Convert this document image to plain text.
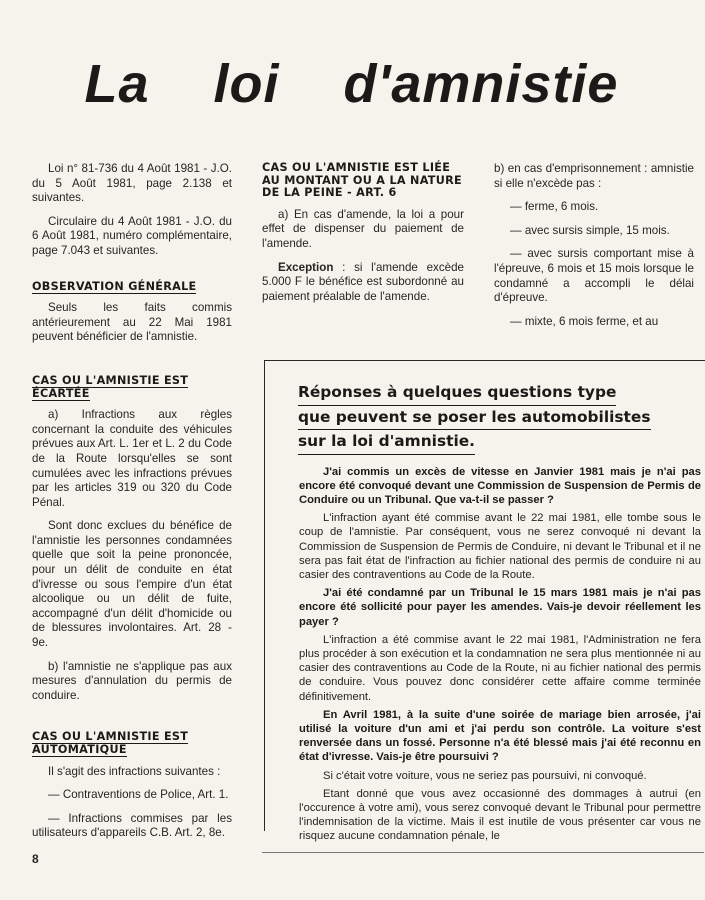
La loi d'amnistie

Loi n° 81-736 du 4 Août 1981 - J.O. du 5 Août 1981, page 2.138 et suivantes.

Circulaire du 4 Août 1981 - J.O. du 6 Août 1981, numéro complémentaire, page 7.043 et suivantes.

OBSERVATION GÉNÉRALE

Seuls les faits commis antérieurement au 22 Mai 1981 peuvent bénéficier de l'amnistie.

CAS OU L'AMNISTIE EST ÉCARTÉE

a) Infractions aux règles concernant la conduite des véhicules prévues aux Art. L. 1er et L. 2 du Code de la Route lorsqu'elles se sont cumulées avec les infractions prévues par les articles 319 ou 320 du Code Pénal.

Sont donc exclues du bénéfice de l'amnistie les personnes condamnées quelle que soit la peine prononcée, pour un délit de conduite en état d'ivresse ou sous l'empire d'un état alcoolique ou un délit de fuite, accompagné d'un délit d'homicide ou de blessures involontaires. Art. 28 - 9e.

b) l'amnistie ne s'applique pas aux mesures d'annulation du permis de conduire.

CAS OU L'AMNISTIE EST AUTOMATIQUE

Il s'agit des infractions suivantes :

— Contraventions de Police, Art. 1.

— Infractions commises par les utilisateurs d'appareils C.B. Art. 2, 8e.

CAS OU L'AMNISTIE EST LIÉE AU MONTANT OU A LA NATURE DE LA PEINE - ART. 6

a) En cas d'amende, la loi a pour effet de dispenser du paiement de l'amende.

Exception : si l'amende excède 5.000 F le bénéfice est subordonné au paiement préalable de l'amende.

b) en cas d'emprisonnement : amnistie si elle n'excède pas :

— ferme, 6 mois.

— avec sursis simple, 15 mois.

— avec sursis comportant mise à l'épreuve, 6 mois et 15 mois lorsque le condamné a accompli le délai d'épreuve.

— mixte, 6 mois ferme, et au

Réponses à quelques questions type
que peuvent se poser les automobilistes
sur la loi d'amnistie.

J'ai commis un excès de vitesse en Janvier 1981 mais je n'ai pas encore été convoqué devant une Commission de Suspension de Permis de Conduire ou un Tribunal. Que va-t-il se passer ?

L'infraction ayant été commise avant le 22 mai 1981, elle tombe sous le coup de l'amnistie. Par conséquent, vous ne serez convoqué ni devant la Commission de Suspension de Permis de Conduire, ni devant le Tribunal et il ne sera pas fait état de l'infraction au fichier national des permis de conduire ni au casier des contraventions au Code de la Route.

J'ai été condamné par un Tribunal le 15 mars 1981 mais je n'ai pas encore été sollicité pour payer les amendes. Vais-je devoir réellement les payer ?

L'infraction a été commise avant le 22 mai 1981, l'Administration ne fera plus procéder à son exécution et la condamnation ne sera plus mentionnée ni au casier des contraventions au Code de la Route, ni au fichier national des permis de conduire. Vous pouvez donc considérer cette affaire comme terminée définitivement.

En Avril 1981, à la suite d'une soirée de mariage bien arrosée, j'ai utilisé la voiture d'un ami et j'ai perdu son contrôle. La voiture s'est renversée dans un fossé. Personne n'a été blessé mais j'ai été reconnu en état d'ivresse. Vais-je être poursuivi ?

Si c'était votre voiture, vous ne seriez pas poursuivi, ni convoqué.

Etant donné que vous avez occasionné des dommages à autrui (en l'occurence à votre ami), vous serez convoqué devant le Tribunal pour permettre l'indemnisation de la victime. Mais il est inutile de vous présenter car vous ne risquez aucune condamnation pénale, le

8
